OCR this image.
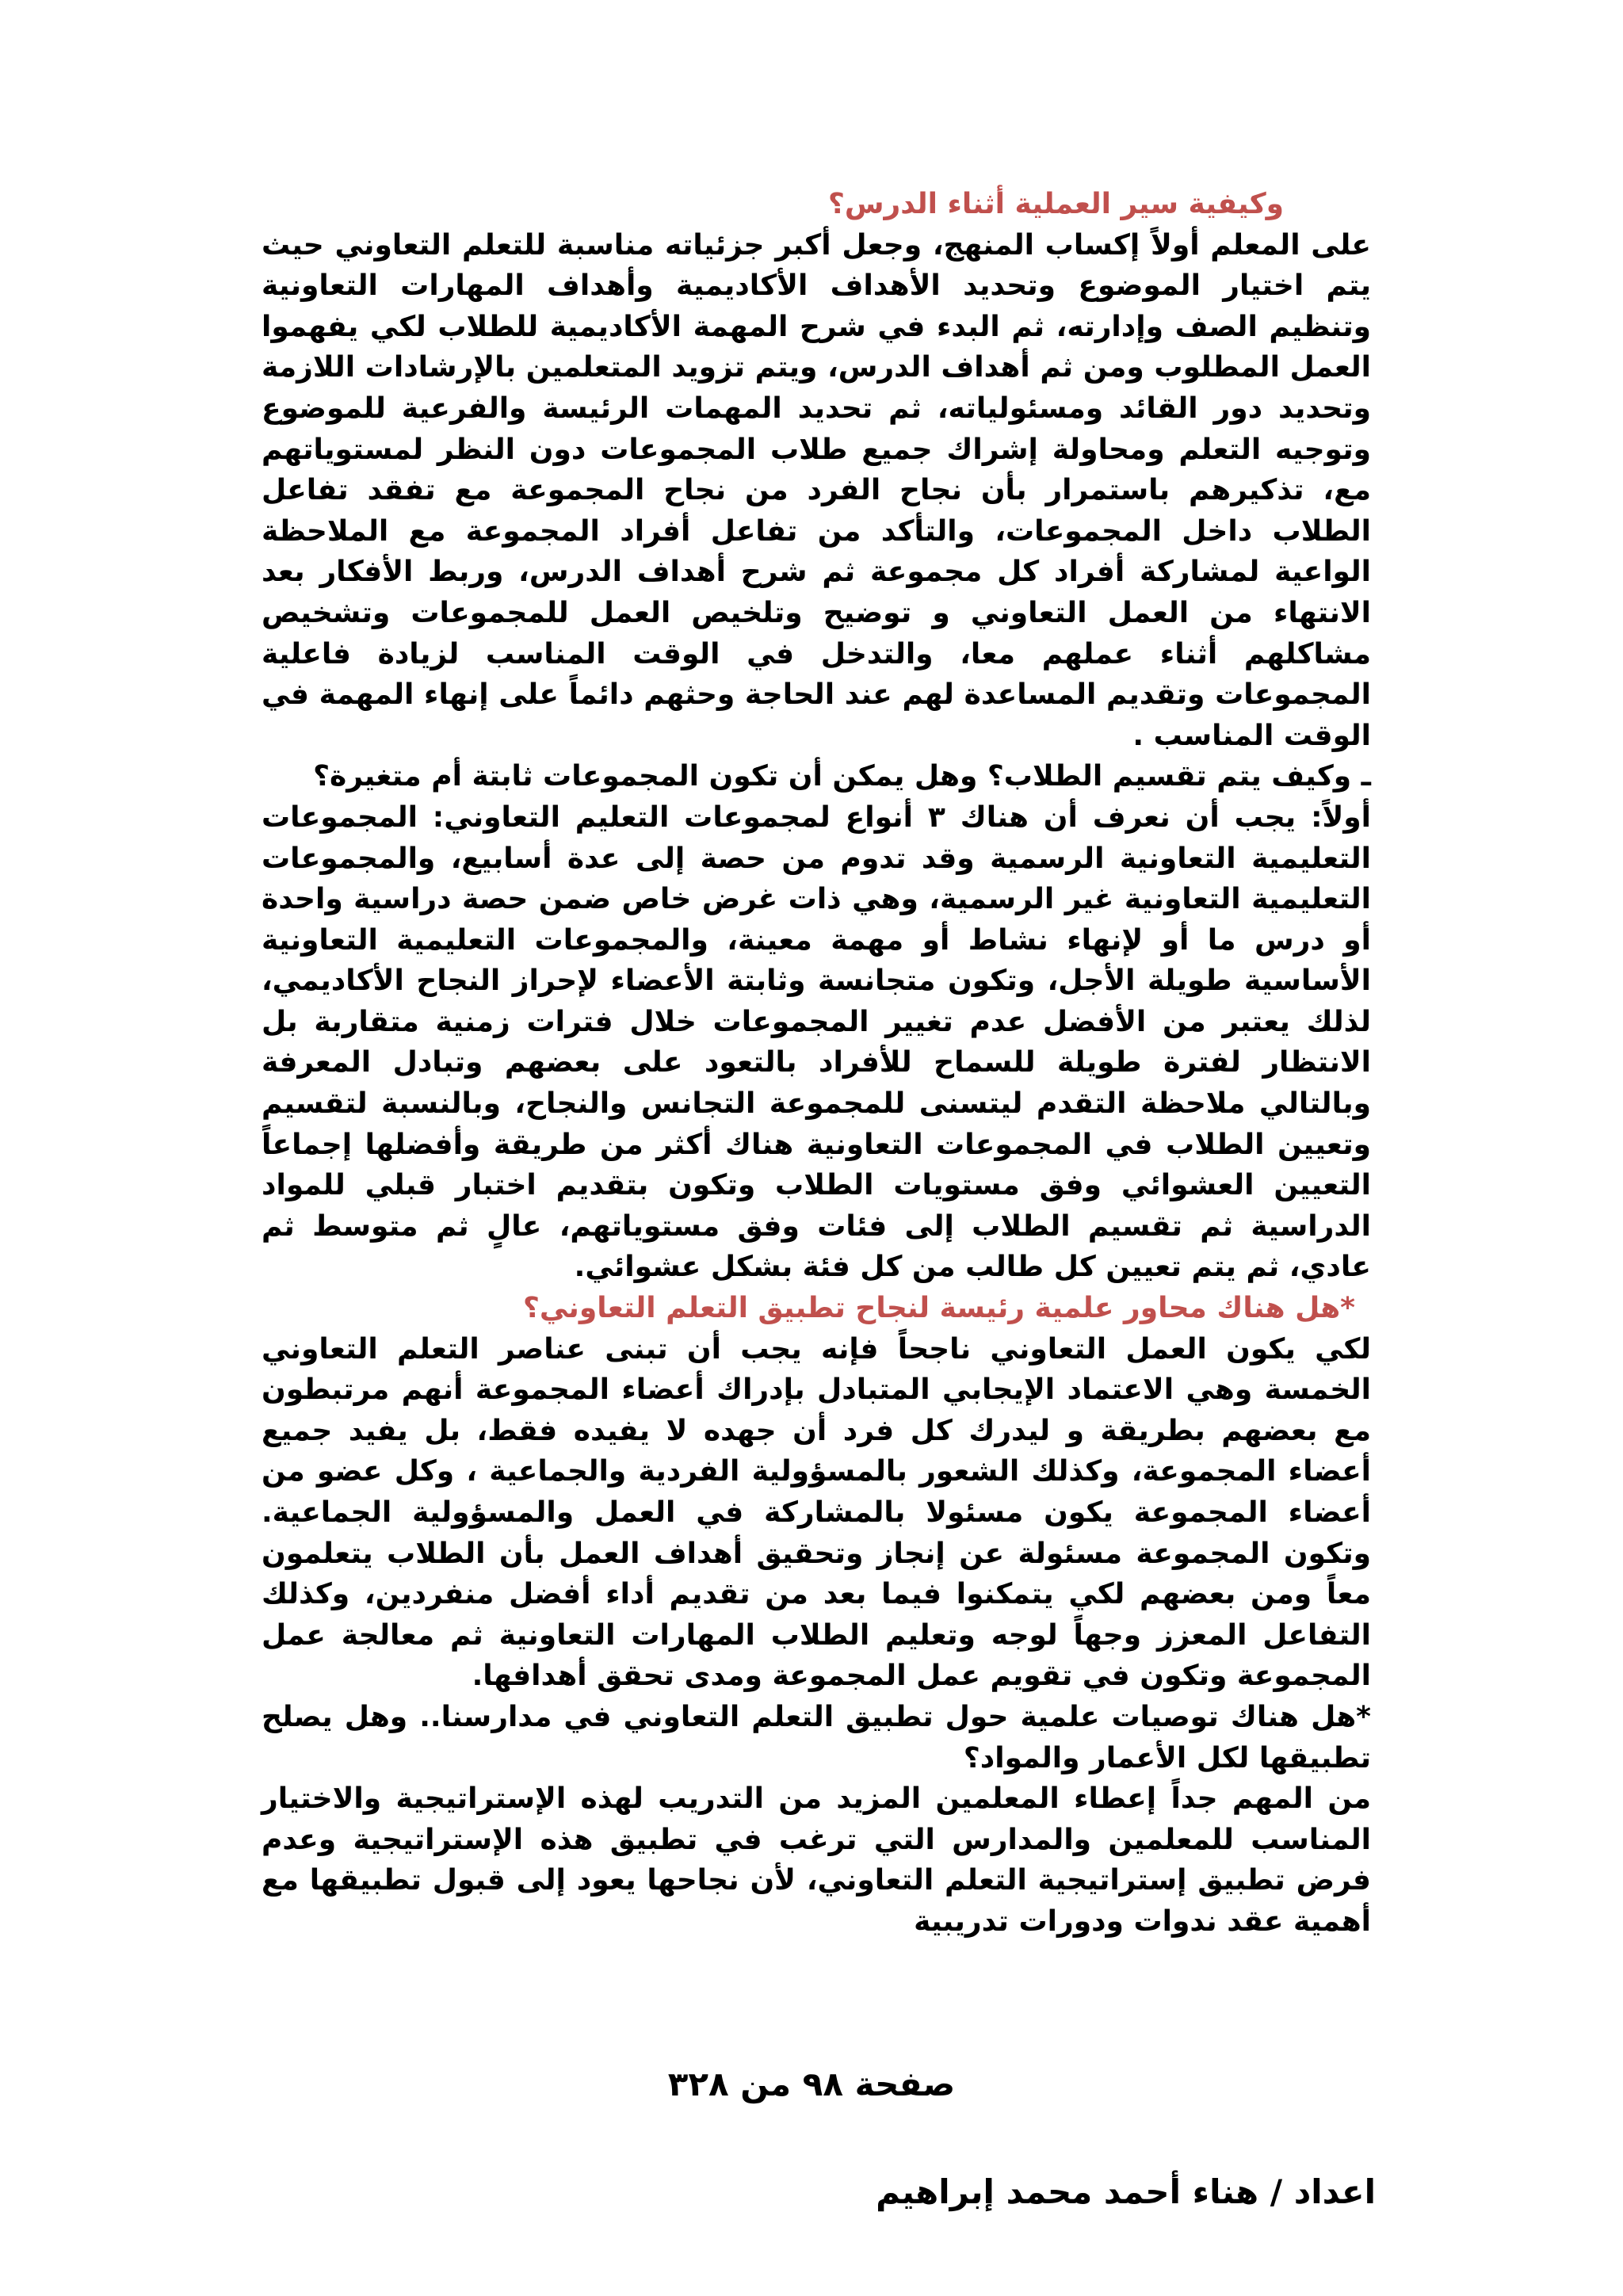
وكيفية سير العملية أثناء الدرس؟

على المعلم أولاً إكساب المنهج، وجعل أكبر جزئياته مناسبة للتعلم التعاوني حيث يتم اختيار الموضوع وتحديد الأهداف الأكاديمية وأهداف المهارات التعاونية وتنظيم الصف وإدارته، ثم البدء في شرح المهمة الأكاديمية للطلاب لكي يفهموا العمل المطلوب ومن ثم أهداف الدرس، ويتم تزويد المتعلمين بالإرشادات اللازمة وتحديد دور القائد ومسئولياته، ثم تحديد المهمات الرئيسة والفرعية للموضوع وتوجيه التعلم ومحاولة إشراك جميع طلاب المجموعات دون النظر لمستوياتهم مع، تذكيرهم باستمرار بأن نجاح الفرد من نجاح المجموعة مع تفقد تفاعل الطلاب داخل المجموعات، والتأكد من تفاعل أفراد المجموعة مع الملاحظة الواعية لمشاركة أفراد كل مجموعة ثم شرح أهداف الدرس، وربط الأفكار بعد الانتهاء من العمل التعاوني و توضيح وتلخيص العمل للمجموعات وتشخيص مشاكلهم أثناء عملهم معا، والتدخل في الوقت المناسب لزيادة فاعلية المجموعات وتقديم المساعدة لهم عند الحاجة وحثهم دائماً على إنهاء المهمة في الوقت المناسب .

ـ وكيف يتم تقسيم الطلاب؟ وهل يمكن أن تكون المجموعات ثابتة أم متغيرة؟

أولاً: يجب أن نعرف أن هناك ٣ أنواع لمجموعات التعليم التعاوني: المجموعات التعليمية التعاونية الرسمية وقد تدوم من حصة إلى عدة أسابيع، والمجموعات التعليمية التعاونية غير الرسمية، وهي ذات غرض خاص ضمن حصة دراسية واحدة أو درس ما أو لإنهاء نشاط أو مهمة معينة، والمجموعات التعليمية التعاونية الأساسية طويلة الأجل، وتكون متجانسة وثابتة الأعضاء لإحراز النجاح الأكاديمي، لذلك يعتبر من الأفضل عدم تغيير المجموعات خلال فترات زمنية متقاربة بل الانتظار لفترة طويلة للسماح للأفراد بالتعود على بعضهم وتبادل المعرفة وبالتالي ملاحظة التقدم ليتسنى للمجموعة التجانس والنجاح، وبالنسبة لتقسيم وتعيين الطلاب في المجموعات التعاونية هناك أكثر من طريقة وأفضلها إجماعاً التعيين العشوائي وفق مستويات الطلاب وتكون بتقديم اختبار قبلي للمواد الدراسية ثم تقسيم الطلاب إلى فئات وفق مستوياتهم، عالٍ ثم متوسط ثم عادي، ثم يتم تعيين كل طالب من كل فئة بشكل عشوائي.

*هل هناك محاور علمية رئيسة لنجاح تطبيق التعلم التعاوني؟

لكي يكون العمل التعاوني ناجحاً فإنه يجب أن تبنى عناصر التعلم التعاوني الخمسة وهي الاعتماد الإيجابي المتبادل بإدراك أعضاء المجموعة أنهم مرتبطون مع بعضهم بطريقة و ليدرك كل فرد أن جهده لا يفيده فقط، بل يفيد جميع أعضاء المجموعة، وكذلك الشعور بالمسؤولية الفردية والجماعية ، وكل عضو من أعضاء المجموعة يكون مسئولا بالمشاركة في العمل والمسؤولية الجماعية. وتكون المجموعة مسئولة عن إنجاز وتحقيق أهداف العمل بأن الطلاب يتعلمون معاً ومن بعضهم لكي يتمكنوا فيما بعد من تقديم أداء أفضل منفردين، وكذلك التفاعل المعزز وجهاً لوجه وتعليم الطلاب المهارات التعاونية ثم معالجة عمل المجموعة وتكون في تقويم عمل المجموعة ومدى تحقق أهدافها.

*هل هناك توصيات علمية حول تطبيق التعلم التعاوني في مدارسنا.. وهل يصلح تطبيقها لكل الأعمار والمواد؟

من المهم جداً إعطاء المعلمين المزيد من التدريب لهذه الإستراتيجية والاختيار المناسب للمعلمين والمدارس التي ترغب في تطبيق هذه الإستراتيجية وعدم فرض تطبيق إستراتيجية التعلم التعاوني، لأن نجاحها يعود إلى قبول تطبيقها مع أهمية عقد ندوات ودورات تدريبية

صفحة ٩٨ من ٣٢٨
اعداد / هناء أحمد محمد إبراهيم
